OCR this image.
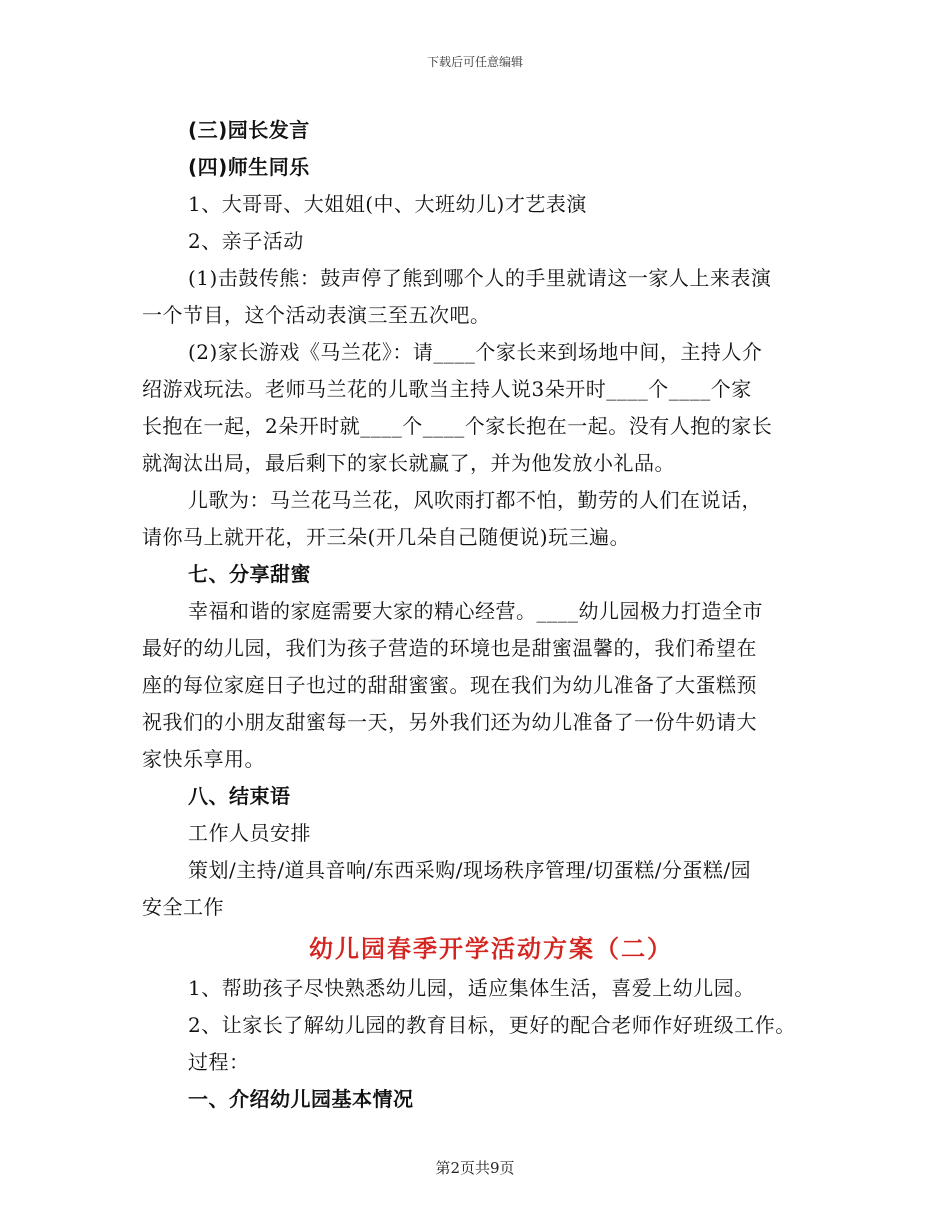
下载后可任意编辑
(三)园长发言
(四)师生同乐
1、大哥哥、大姐姐(中、大班幼儿)才艺表演
2、亲子活动
(1)击鼓传熊：鼓声停了熊到哪个人的手里就请这一家人上来表演
一个节目，这个活动表演三至五次吧。
(2)家长游戏《马兰花》：请____个家长来到场地中间，主持人介
绍游戏玩法。老师马兰花的儿歌当主持人说3朵开时____个____个家
长抱在一起，2朵开时就____个____个家长抱在一起。没有人抱的家长
就淘汰出局，最后剩下的家长就赢了，并为他发放小礼品。
儿歌为：马兰花马兰花，风吹雨打都不怕，勤劳的人们在说话，
请你马上就开花，开三朵(开几朵自己随便说)玩三遍。
七、分享甜蜜
幸福和谐的家庭需要大家的精心经营。____幼儿园极力打造全市
最好的幼儿园，我们为孩子营造的环境也是甜蜜温馨的，我们希望在
座的每位家庭日子也过的甜甜蜜蜜。现在我们为幼儿准备了大蛋糕预
祝我们的小朋友甜蜜每一天，另外我们还为幼儿准备了一份牛奶请大
家快乐享用。
八、结束语
工作人员安排
策划/主持/道具音响/东西采购/现场秩序管理/切蛋糕/分蛋糕/园
安全工作
幼儿园春季开学活动方案（二）
1、帮助孩子尽快熟悉幼儿园，适应集体生活，喜爱上幼儿园。
2、让家长了解幼儿园的教育目标，更好的配合老师作好班级工作。
过程：
一、介绍幼儿园基本情况
第2页共9页
